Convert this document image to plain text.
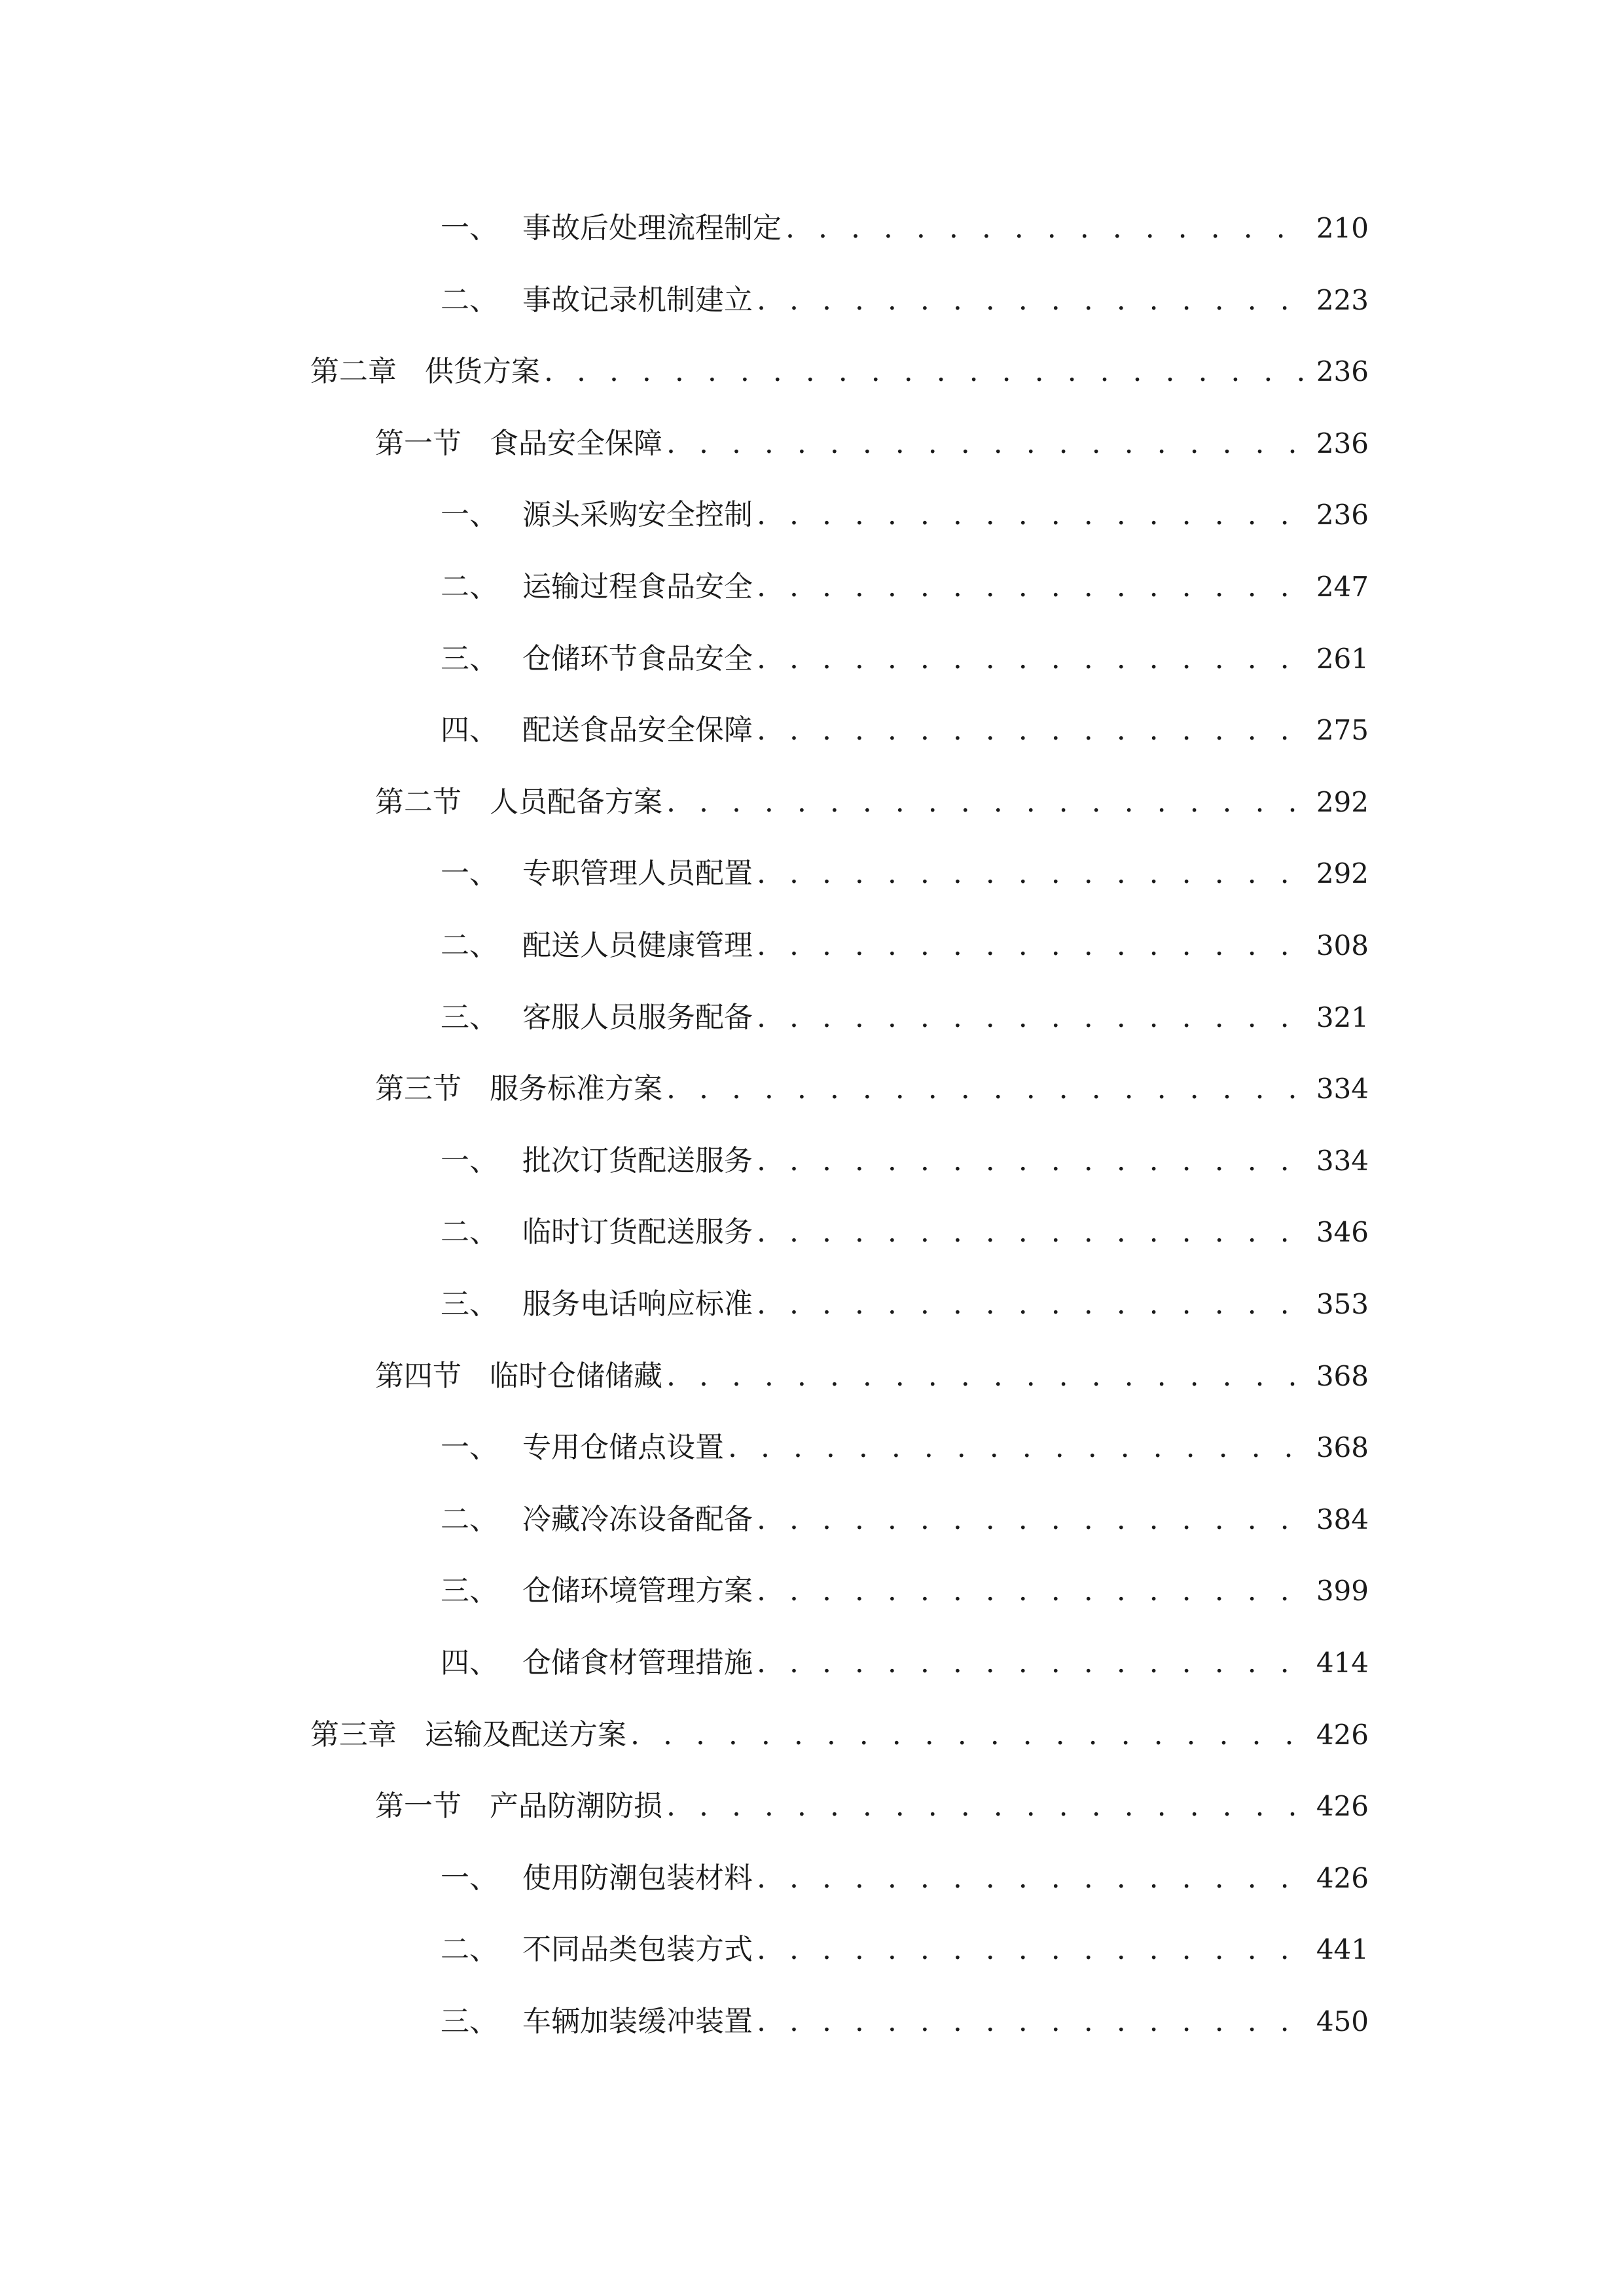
一、 事故后处理流程制定 . . .	210
二、 事故记录机制建立 . . .	223
第二章 供货方案 . . .	236
第一节 食品安全保障 . . .	236
一、 源头采购安全控制 . . .	236
二、 运输过程食品安全 . . .	247
三、 仓储环节食品安全 . . .	261
四、 配送食品安全保障 . . .	275
第二节 人员配备方案 . . .	292
一、 专职管理人员配置 . . .	292
二、 配送人员健康管理 . . .	308
三、 客服人员服务配备 . . .	321
第三节 服务标准方案 . . .	334
一、 批次订货配送服务 . . .	334
二、 临时订货配送服务 . . .	346
三、 服务电话响应标准 . . .	353
第四节 临时仓储储藏 . . .	368
一、 专用仓储点设置 . . .	368
二、 冷藏冷冻设备配备 . . .	384
三、 仓储环境管理方案 . . .	399
四、 仓储食材管理措施 . . .	414
第三章 运输及配送方案 . . .	426
第一节 产品防潮防损 . . .	426
一、 使用防潮包装材料 . . .	426
二、 不同品类包装方式 . . .	441
三、 车辆加装缓冲装置 . . .	450
